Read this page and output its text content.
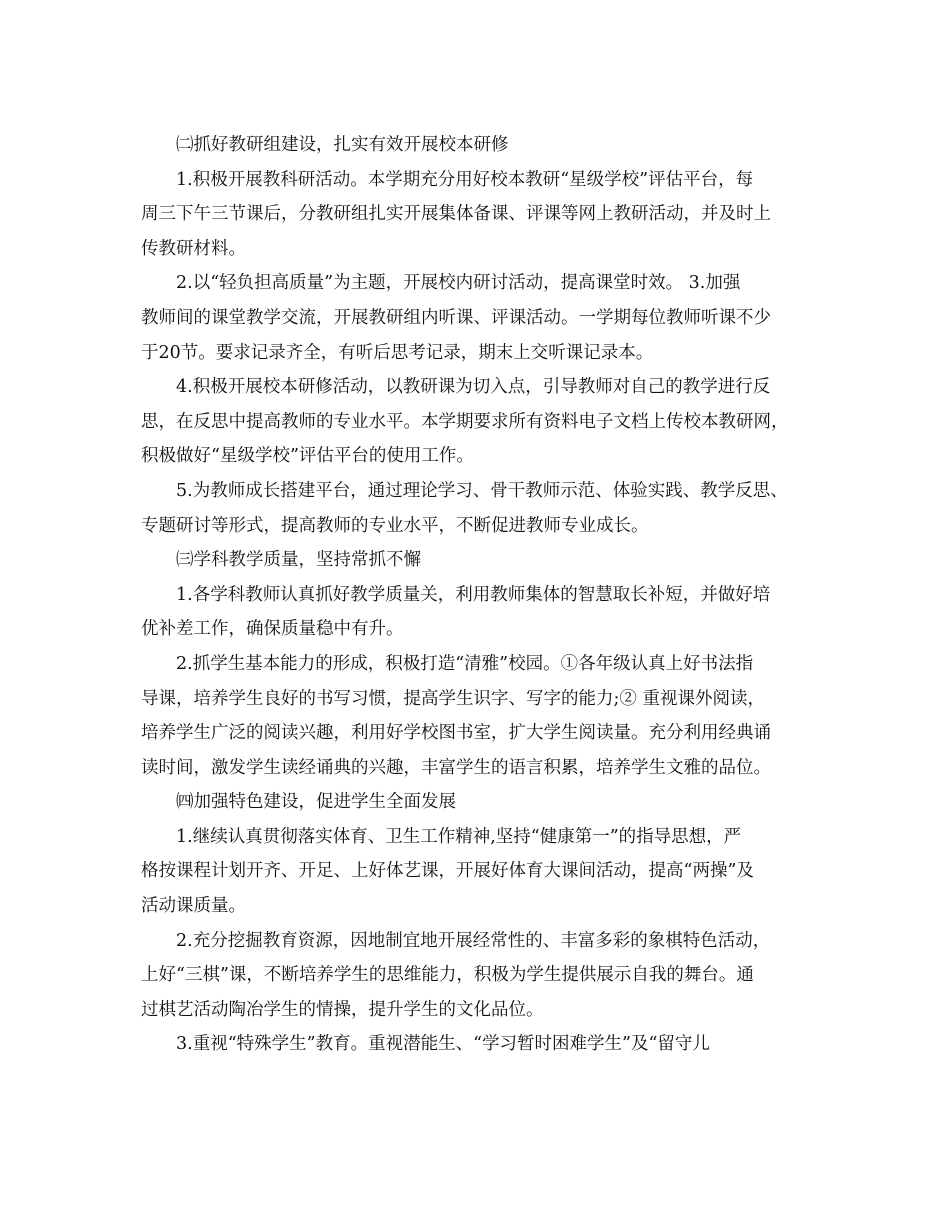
㈡抓好教研组建设，扎实有效开展校本研修
1.积极开展教科研活动。本学期充分用好校本教研“星级学校”评估平台，每
周三下午三节课后，分教研组扎实开展集体备课、评课等网上教研活动，并及时上
传教研材料。
2.以“轻负担高质量”为主题，开展校内研讨活动，提高课堂时效。 3.加强
教师间的课堂教学交流，开展教研组内听课、评课活动。一学期每位教师听课不少
于20节。要求记录齐全，有听后思考记录，期末上交听课记录本。
4.积极开展校本研修活动，以教研课为切入点，引导教师对自己的教学进行反
思，在反思中提高教师的专业水平。本学期要求所有资料电子文档上传校本教研网，
积极做好“星级学校”评估平台的使用工作。
5.为教师成长搭建平台，通过理论学习、骨干教师示范、体验实践、教学反思、
专题研讨等形式，提高教师的专业水平，不断促进教师专业成长。
㈢学科教学质量，坚持常抓不懈
1.各学科教师认真抓好教学质量关，利用教师集体的智慧取长补短，并做好培
优补差工作，确保质量稳中有升。
2.抓学生基本能力的形成，积极打造“清雅”校园。①各年级认真上好书法指
导课，培养学生良好的书写习惯，提高学生识字、写字的能力;② 重视课外阅读，
培养学生广泛的阅读兴趣，利用好学校图书室，扩大学生阅读量。充分利用经典诵
读时间，激发学生读经诵典的兴趣，丰富学生的语言积累，培养学生文雅的品位。
㈣加强特色建设，促进学生全面发展
1.继续认真贯彻落实体育、卫生工作精神,坚持“健康第一”的指导思想，严
格按课程计划开齐、开足、上好体艺课，开展好体育大课间活动，提高“两操”及
活动课质量。
2.充分挖掘教育资源，因地制宜地开展经常性的、丰富多彩的象棋特色活动，
上好“三棋”课，不断培养学生的思维能力，积极为学生提供展示自我的舞台。通
过棋艺活动陶冶学生的情操，提升学生的文化品位。
3.重视“特殊学生”教育。重视潜能生、“学习暂时困难学生”及“留守儿
